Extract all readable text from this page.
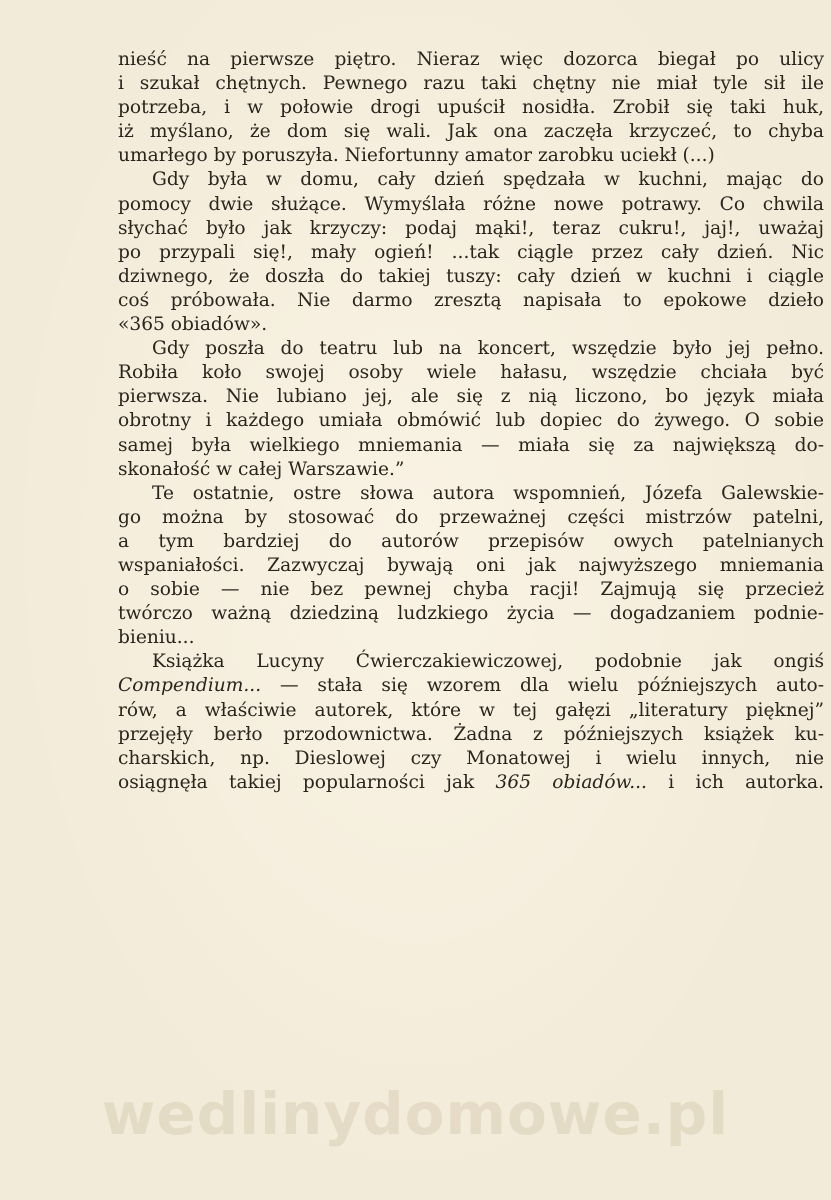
nieść na pierwsze piętro. Nieraz więc dozorca biegał po ulicy
i szukał chętnych. Pewnego razu taki chętny nie miał tyle sił ile
potrzeba, i w połowie drogi upuścił nosidła. Zrobił się taki huk,
iż myślano, że dom się wali. Jak ona zaczęła krzyczeć, to chyba
umarłego by poruszyła. Niefortunny amator zarobku uciekł (...)

Gdy była w domu, cały dzień spędzała w kuchni, mając do
pomocy dwie służące. Wymyślała różne nowe potrawy. Co chwila
słychać było jak krzyczy: podaj mąki!, teraz cukru!, jaj!, uważaj
po przypali się!, mały ogień! ...tak ciągle przez cały dzień. Nic
dziwnego, że doszła do takiej tuszy: cały dzień w kuchni i ciągle
coś próbowała. Nie darmo zresztą napisała to epokowe dzieło
«365 obiadów».

Gdy poszła do teatru lub na koncert, wszędzie było jej pełno.
Robiła koło swojej osoby wiele hałasu, wszędzie chciała być
pierwsza. Nie lubiano jej, ale się z nią liczono, bo język miała
obrotny i każdego umiała obmówić lub dopiec do żywego. O sobie
samej była wielkiego mniemania — miała się za największą do-
skonałość w całej Warszawie.”

Te ostatnie, ostre słowa autora wspomnień, Józefa Galewskie-
go można by stosować do przeważnej części mistrzów patelni,
a tym bardziej do autorów przepisów owych patelnianych
wspaniałości. Zazwyczaj bywają oni jak najwyższego mniemania
o sobie — nie bez pewnej chyba racji! Zajmują się przecież
twórczo ważną dziedziną ludzkiego życia — dogadzaniem podnie-
bieniu...

Książka Lucyny Ćwierczakiewiczowej, podobnie jak ongiś
Compendium... — stała się wzorem dla wielu późniejszych auto-
rów, a właściwie autorek, które w tej gałęzi „literatury pięknej”
przejęły berło przodownictwa. Żadna z późniejszych książek ku-
charskich, np. Dieslowej czy Monatowej i wielu innych, nie
osiągnęła takiej popularności jak 365 obiadów... i ich autorka.

wedlinydomowe.pl
